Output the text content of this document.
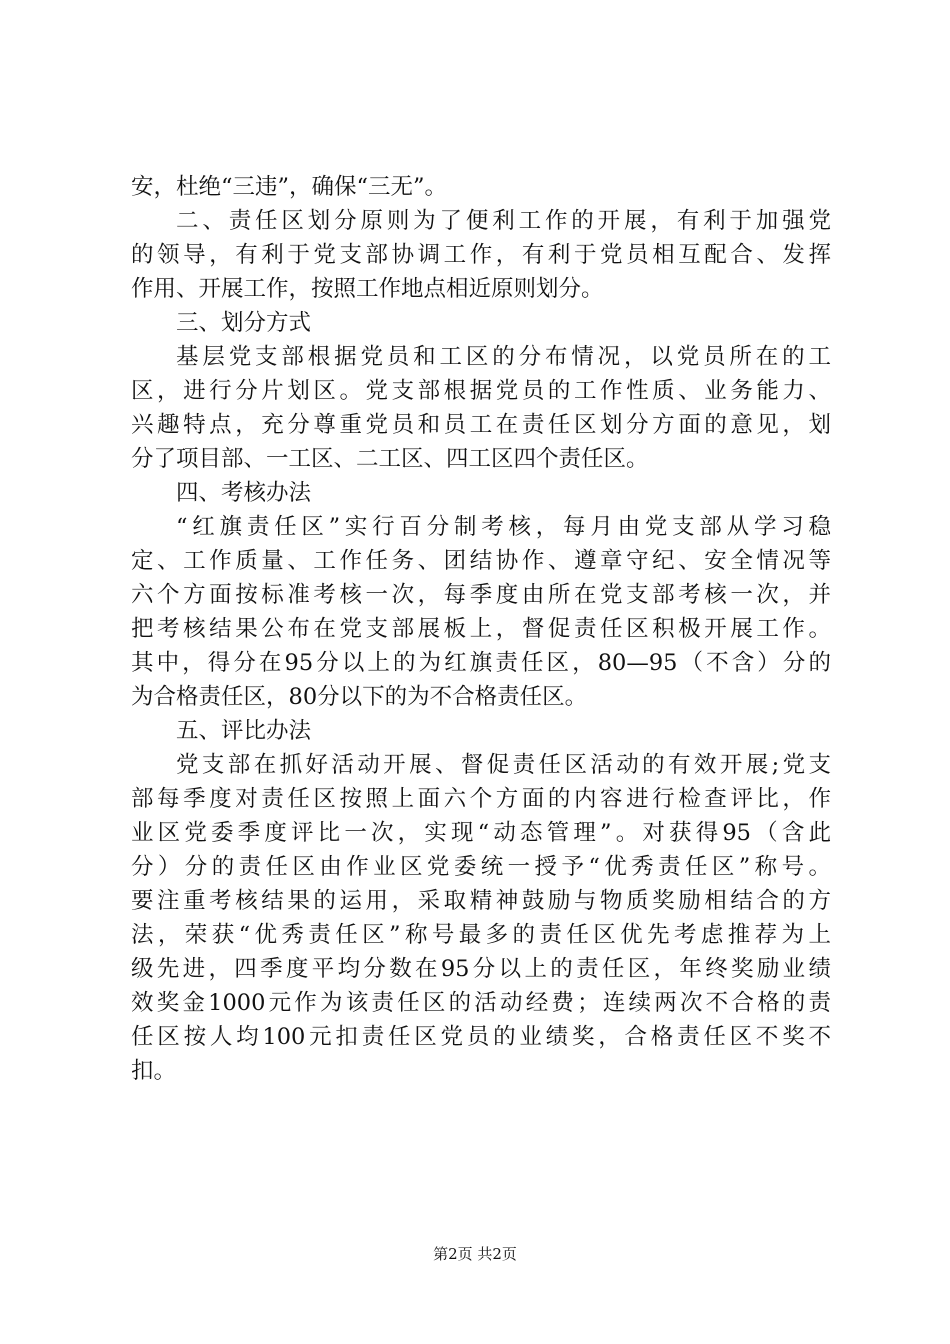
安，杜绝“三违”，确保“三无”。
二、责任区划分原则为了便利工作的开展，有利于加强党
的领导，有利于党支部协调工作，有利于党员相互配合、发挥
作用、开展工作，按照工作地点相近原则划分。
三、划分方式
基层党支部根据党员和工区的分布情况，以党员所在的工
区，进行分片划区。党支部根据党员的工作性质、业务能力、
兴趣特点，充分尊重党员和员工在责任区划分方面的意见，划
分了项目部、一工区、二工区、四工区四个责任区。
四、考核办法
“红旗责任区”实行百分制考核，每月由党支部从学习稳
定、工作质量、工作任务、团结协作、遵章守纪、安全情况等
六个方面按标准考核一次，每季度由所在党支部考核一次，并
把考核结果公布在党支部展板上，督促责任区积极开展工作。
其中，得分在95分以上的为红旗责任区，80—95（不含）分的
为合格责任区，80分以下的为不合格责任区。
五、评比办法
党支部在抓好活动开展、督促责任区活动的有效开展;党支
部每季度对责任区按照上面六个方面的内容进行检查评比，作
业区党委季度评比一次，实现“动态管理”。对获得95（含此
分）分的责任区由作业区党委统一授予“优秀责任区”称号。
要注重考核结果的运用，采取精神鼓励与物质奖励相结合的方
法，荣获“优秀责任区”称号最多的责任区优先考虑推荐为上
级先进，四季度平均分数在95分以上的责任区，年终奖励业绩
效奖金1000元作为该责任区的活动经费；连续两次不合格的责
任区按人均100元扣责任区党员的业绩奖，合格责任区不奖不
扣。
第2页 共2页
